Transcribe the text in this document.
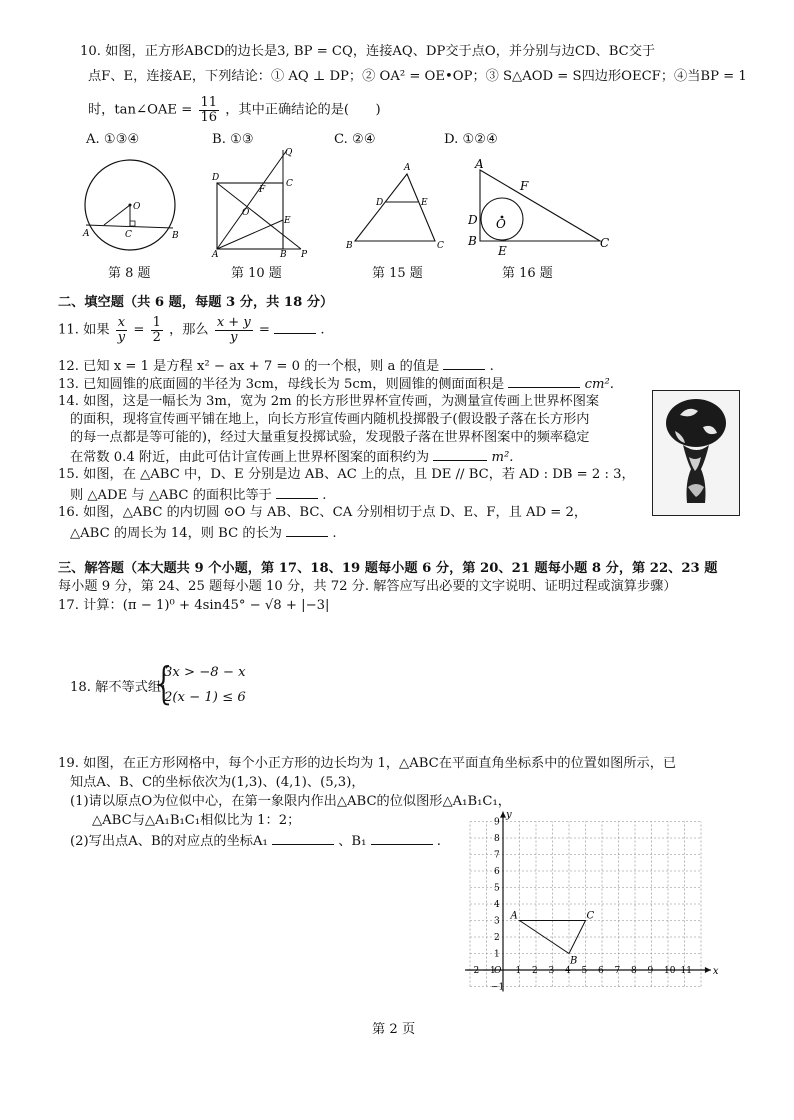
10. 如图，正方形ABCD的边长是3, BP = CQ，连接AQ、DP交于点O，并分别与边CD、BC交于
点F、E，连接AE，下列结论：① AQ ⊥ DP；② OA² = OE•OP；③ S△AOD = S四边形OECF；④当BP = 1
时，tan∠OAE = $\frac{11}{16}$ ，其中正确结论的是(　　)
A. ①③④	B. ①③	C. ②④	D. ①②④
A	C	B
O
D
C
Q
F
O
E
A	B P
A
D	E
B	C
A
F
D O
B
E
C
第 8 题	第 10 题	第 15 题	第 16 题
二、填空题（共 6 题，每题 3 分，共 18 分）
11. 如果 $\frac{x}{y} = \frac{1}{2}$ ，那么 $\frac{x + y}{y}$ =	.
12. 已知 x = 1 是方程 x² − ax + 7 = 0 的一个根，则 a 的值是	.
13. 已知圆锥的底面圆的半径为 3cm，母线长为 5cm，则圆锥的侧面面积是	cm².
14. 如图，这是一幅长为 3m，宽为 2m 的长方形世界杯宣传画，为测量宣传画上世界杯图案
的面积，现将宣传画平铺在地上，向长方形宣传画内随机投掷骰子(假设骰子落在长方形内
的每一点都是等可能的)，经过大量重复投掷试验，发现骰子落在世界杯图案中的频率稳定
在常数 0.4 附近，由此可估计宣传画上世界杯图案的面积约为	m².
15. 如图，在 △ABC 中，D、E 分别是边 AB、AC 上的点，且 DE // BC，若 AD : DB = 2 : 3，
则 △ADE 与 △ABC 的面积比等于	.
16. 如图，△ABC 的内切圆 ⊙O 与 AB、BC、CA 分别相切于点 D、E、F，且 AD = 2，
△ABC 的周长为 14，则 BC 的长为	.
三、解答题（本大题共 9 个小题，第 17、18、19 题每小题 6 分，第 20、21 题每小题 8 分，第 22、23 题
每小题 9 分，第 24、25 题每小题 10 分，共 72 分. 解答应写出必要的文字说明、证明过程或演算步骤）
17. 计算：(π − 1)⁰ + 4sin45° − √8 + |−3|
18. 解不等式组:
{
3x > −8 − x
2(x − 1) ≤ 6
19. 如图，在正方形网格中，每个小正方形的边长均为 1，△ABC在平面直角坐标系中的位置如图所示，已
知点A、B、C的坐标依次为(1,3)、(4,1)、(5,3)，
(1)请以原点O为位似中心，在第一象限内作出△ABC的位似图形△A₁B₁C₁，
△ABC与△A₁B₁C₁相似比为 1：2；
(2)写出点A、B的对应点的坐标A₁	、B₁	.
−2 −1
O 1 2 3 4 5 6 7 8 9 10 11
1
2
3
4
5
6
7
8
9
−1
x
y
A
B
C
第 2 页
